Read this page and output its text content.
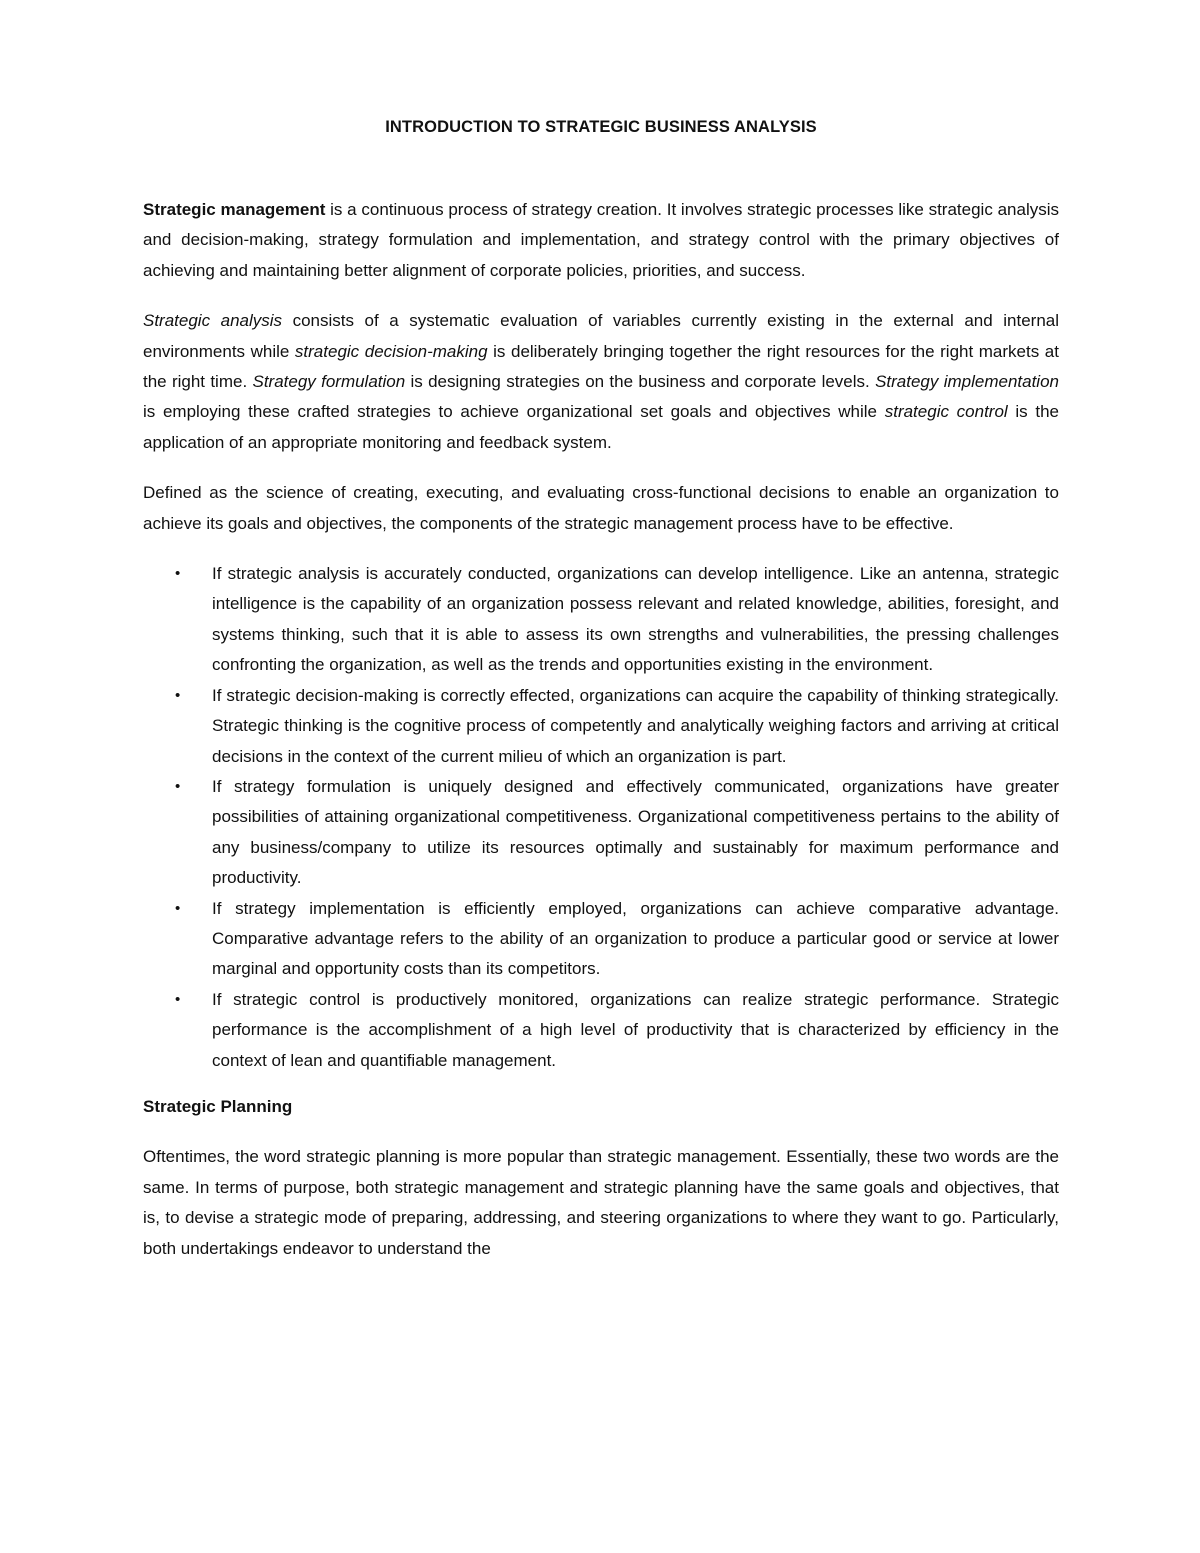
INTRODUCTION TO STRATEGIC BUSINESS ANALYSIS

Strategic management is a continuous process of strategy creation. It involves strategic processes like strategic analysis and decision-making, strategy formulation and implementation, and strategy control with the primary objectives of achieving and maintaining better alignment of corporate policies, priorities, and success.

Strategic analysis consists of a systematic evaluation of variables currently existing in the external and internal environments while strategic decision-making is deliberately bringing together the right resources for the right markets at the right time. Strategy formulation is designing strategies on the business and corporate levels. Strategy implementation is employing these crafted strategies to achieve organizational set goals and objectives while strategic control is the application of an appropriate monitoring and feedback system.

Defined as the science of creating, executing, and evaluating cross-functional decisions to enable an organization to achieve its goals and objectives, the components of the strategic management process have to be effective.

• If strategic analysis is accurately conducted, organizations can develop intelligence. Like an antenna, strategic intelligence is the capability of an organization possess relevant and related knowledge, abilities, foresight, and systems thinking, such that it is able to assess its own strengths and vulnerabilities, the pressing challenges confronting the organization, as well as the trends and opportunities existing in the environment.
• If strategic decision-making is correctly effected, organizations can acquire the capability of thinking strategically. Strategic thinking is the cognitive process of competently and analytically weighing factors and arriving at critical decisions in the context of the current milieu of which an organization is part.
• If strategy formulation is uniquely designed and effectively communicated, organizations have greater possibilities of attaining organizational competitiveness. Organizational competitiveness pertains to the ability of any business/company to utilize its resources optimally and sustainably for maximum performance and productivity.
• If strategy implementation is efficiently employed, organizations can achieve comparative advantage. Comparative advantage refers to the ability of an organization to produce a particular good or service at lower marginal and opportunity costs than its competitors.
• If strategic control is productively monitored, organizations can realize strategic performance. Strategic performance is the accomplishment of a high level of productivity that is characterized by efficiency in the context of lean and quantifiable management.
Strategic Planning

Oftentimes, the word strategic planning is more popular than strategic management. Essentially, these two words are the same. In terms of purpose, both strategic management and strategic planning have the same goals and objectives, that is, to devise a strategic mode of preparing, addressing, and steering organizations to where they want to go. Particularly, both undertakings endeavor to understand the
